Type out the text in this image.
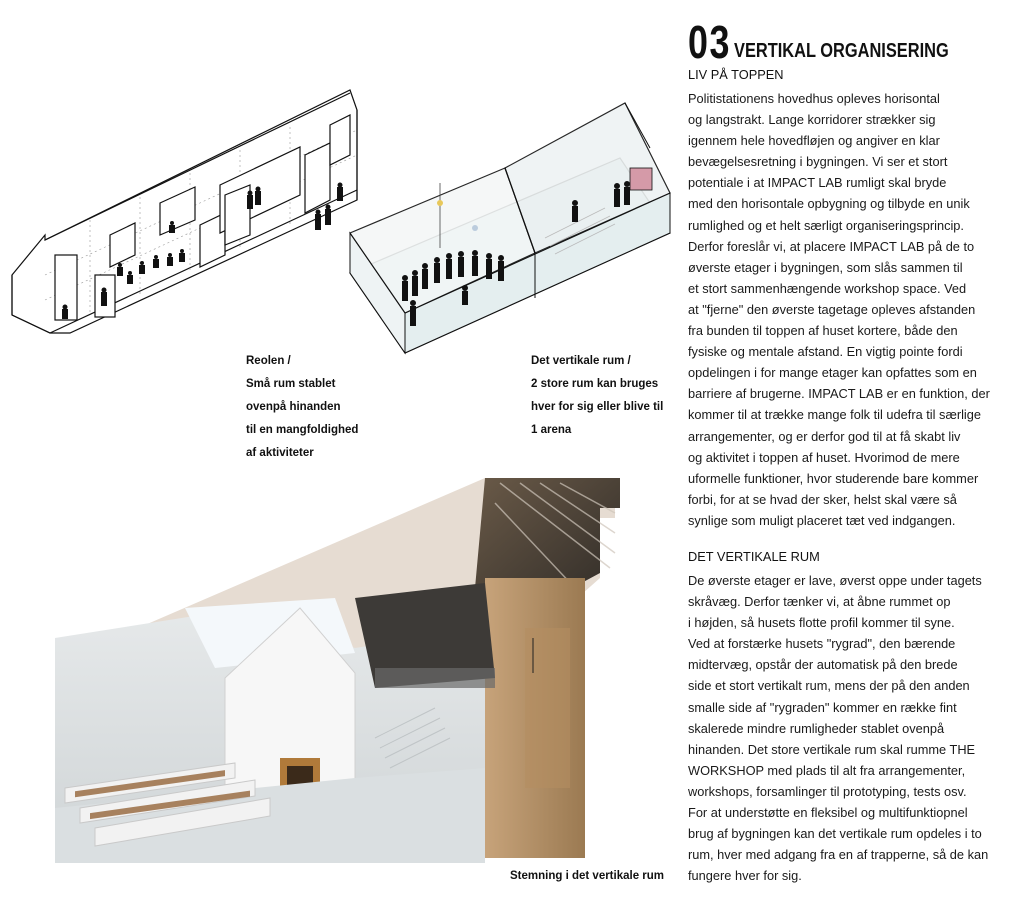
Reolen /
Små rum stablet
ovenpå hinanden
til en mangfoldighed
af aktiviteter
Det vertikale rum /
2 store rum kan bruges
hver for sig eller blive til
1 arena
Stemning i det vertikale rum
03 VERTIKAL ORGANISERING
LIV PÅ TOPPEN
Politistationens hovedhus opleves horisontal
og langstrakt. Lange korridorer strækker sig
igennem hele hovedfløjen og angiver en klar
bevægelsesretning i bygningen. Vi ser et stort
potentiale i at IMPACT LAB rumligt skal bryde
med den horisontale opbygning og tilbyde en unik
rumlighed og et helt særligt organiseringsprincip.
Derfor foreslår vi, at placere IMPACT LAB på de to
øverste etager i bygningen, som slås sammen til
et stort sammenhængende workshop space. Ved
at "fjerne" den øverste tagetage opleves afstanden
fra bunden til toppen af huset kortere, både den
fysiske og mentale afstand. En vigtig pointe fordi
opdelingen i for mange etager kan opfattes som en
barriere af brugerne. IMPACT LAB er en funktion, der
kommer til at trække mange folk til udefra til særlige
arrangementer, og er derfor god til at få skabt liv
og aktivitet i toppen af huset. Hvorimod de mere
uformelle funktioner, hvor studerende bare kommer
forbi, for at se hvad der sker, helst skal være så
synlige som muligt placeret tæt ved indgangen.
DET VERTIKALE RUM
De øverste etager er lave, øverst oppe under tagets
skråvæg. Derfor tænker vi, at åbne rummet op
i højden, så husets flotte profil kommer til syne.
Ved at forstærke husets "rygrad", den bærende
midtervæg, opstår der automatisk på den brede
side et stort vertikalt rum, mens der på den anden
smalle side af "rygraden" kommer en række fint
skalerede mindre rumligheder stablet ovenpå
hinanden. Det store vertikale rum skal rumme THE
WORKSHOP med plads til alt fra arrangementer,
workshops, forsamlinger til prototyping, tests osv.
For at understøtte en fleksibel og multifunktiopnel
brug af bygningen kan det vertikale rum opdeles i to
rum, hver med adgang fra en af trapperne, så de kan
fungere hver for sig.
